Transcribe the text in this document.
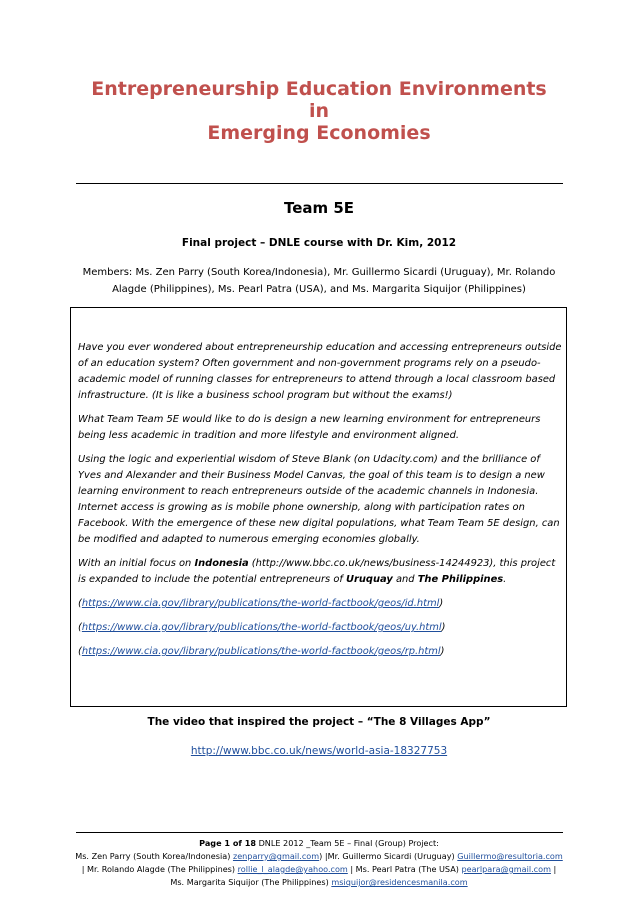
Entrepreneurship Education Environments
in
Emerging Economies
Team 5E
Final project – DNLE course with Dr. Kim, 2012
Members: Ms. Zen Parry (South Korea/Indonesia), Mr. Guillermo Sicardi (Uruguay), Mr. Rolando Alagde (Philippines), Ms. Pearl Patra (USA), and Ms. Margarita Siquijor (Philippines)

Have you ever wondered about entrepreneurship education and accessing entrepreneurs outside of an education system? Often government and non-government programs rely on a pseudo-academic model of running classes for entrepreneurs to attend through a local classroom based infrastructure. (It is like a business school program but without the exams!)

What Team Team 5E would like to do is design a new learning environment for entrepreneurs being less academic in tradition and more lifestyle and environment aligned.

Using the logic and experiential wisdom of Steve Blank (on Udacity.com) and the brilliance of Yves and Alexander and their Business Model Canvas, the goal of this team is to design a new learning environment to reach entrepreneurs outside of the academic channels in Indonesia. Internet access is growing as is mobile phone ownership, along with participation rates on Facebook. With the emergence of these new digital populations, what Team Team 5E design, can be modified and adapted to numerous emerging economies globally.

With an initial focus on Indonesia (http://www.bbc.co.uk/news/business-14244923), this project is expanded to include the potential entrepreneurs of Uruquay and The Philippines.

(https://www.cia.gov/library/publications/the-world-factbook/geos/id.html)

(https://www.cia.gov/library/publications/the-world-factbook/geos/uy.html)

(https://www.cia.gov/library/publications/the-world-factbook/geos/rp.html)

The video that inspired the project – “The 8 Villages App”
http://www.bbc.co.uk/news/world-asia-18327753
Page 1 of 18 DNLE 2012 _Team 5E – Final (Group) Project:
Ms. Zen Parry (South Korea/Indonesia) zenparry@gmail.com) |Mr. Guillermo Sicardi (Uruguay) Guillermo@resultoria.com
| Mr. Rolando Alagde (The Philippines) rollie_l_alagde@yahoo.com | Ms. Pearl Patra (The USA) pearlpara@gmail.com |
Ms. Margarita Siquijor (The Philippines) msiquijor@residencesmanila.com
